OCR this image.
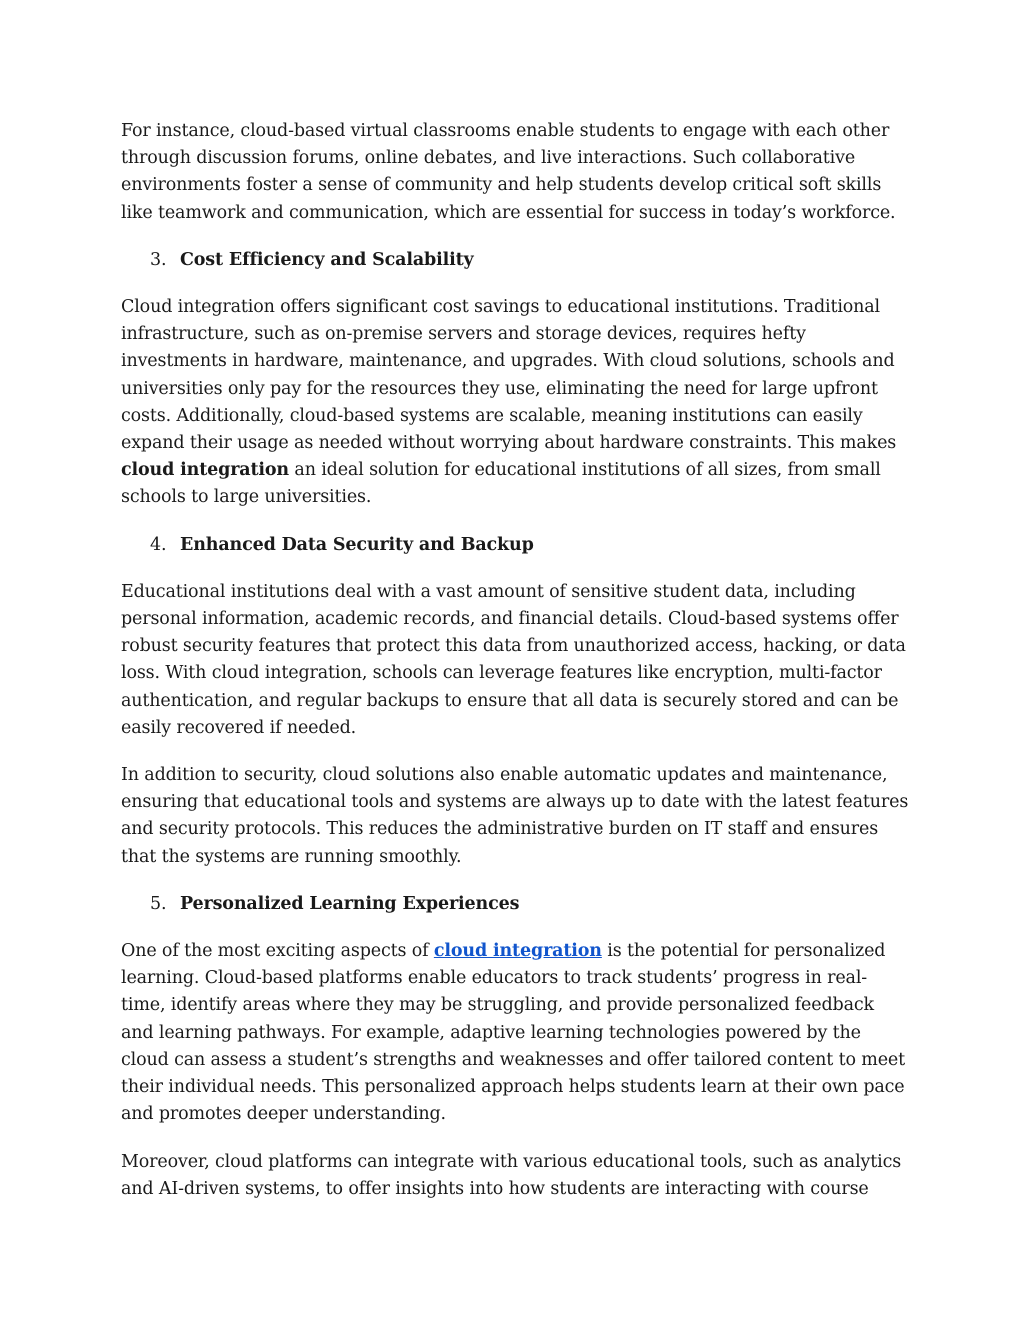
For instance, cloud-based virtual classrooms enable students to engage with each other through discussion forums, online debates, and live interactions. Such collaborative environments foster a sense of community and help students develop critical soft skills like teamwork and communication, which are essential for success in today’s workforce.

3. Cost Efficiency and Scalability

Cloud integration offers significant cost savings to educational institutions. Traditional infrastructure, such as on-premise servers and storage devices, requires hefty investments in hardware, maintenance, and upgrades. With cloud solutions, schools and universities only pay for the resources they use, eliminating the need for large upfront costs. Additionally, cloud-based systems are scalable, meaning institutions can easily expand their usage as needed without worrying about hardware constraints. This makes cloud integration an ideal solution for educational institutions of all sizes, from small schools to large universities.

4. Enhanced Data Security and Backup

Educational institutions deal with a vast amount of sensitive student data, including personal information, academic records, and financial details. Cloud-based systems offer robust security features that protect this data from unauthorized access, hacking, or data loss. With cloud integration, schools can leverage features like encryption, multi-factor authentication, and regular backups to ensure that all data is securely stored and can be easily recovered if needed.

In addition to security, cloud solutions also enable automatic updates and maintenance, ensuring that educational tools and systems are always up to date with the latest features and security protocols. This reduces the administrative burden on IT staff and ensures that the systems are running smoothly.

5. Personalized Learning Experiences

One of the most exciting aspects of cloud integration is the potential for personalized learning. Cloud-based platforms enable educators to track students’ progress in real-time, identify areas where they may be struggling, and provide personalized feedback and learning pathways. For example, adaptive learning technologies powered by the cloud can assess a student’s strengths and weaknesses and offer tailored content to meet their individual needs. This personalized approach helps students learn at their own pace and promotes deeper understanding.

Moreover, cloud platforms can integrate with various educational tools, such as analytics and AI-driven systems, to offer insights into how students are interacting with course
